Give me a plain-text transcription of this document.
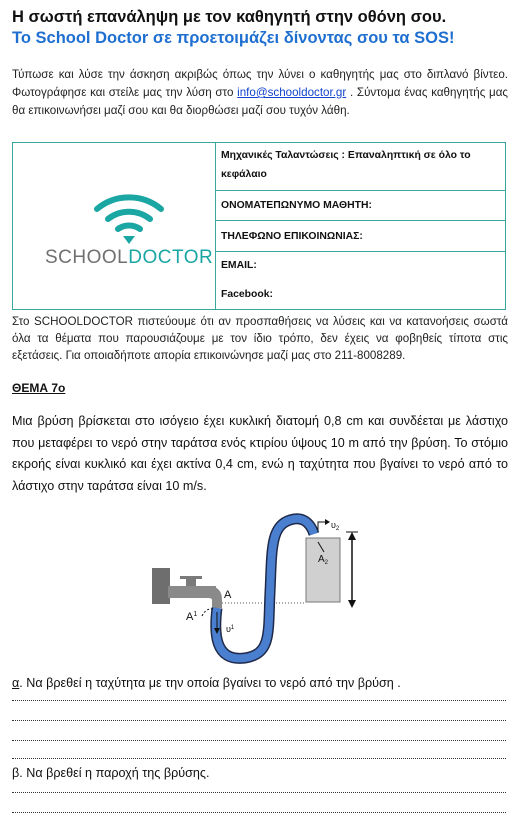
Η σωστή επανάληψη με τον καθηγητή στην οθόνη σου.
Το School Doctor σε προετοιμάζει δίνοντας σου τα SOS!
Τύπωσε και λύσε την άσκηση ακριβώς όπως την λύνει ο καθηγητής μας στο διπλανό βίντεο. Φωτογράφησε και στείλε μας την λύση στο info@schooldoctor.gr . Σύντομα ένας καθηγητής μας θα επικοινωνήσει μαζί σου και θα διορθώσει μαζί σου τυχόν λάθη.
SCHOOLDOCTOR
	Μηχανικές Ταλαντώσεις : Επαναληπτική σε όλο το κεφάλαιο
ΟΝΟΜΑΤΕΠΩΝΥΜΟ ΜΑΘΗΤΗ:
ΤΗΛΕΦΩΝΟ ΕΠΙΚΟΙΝΩΝΙΑΣ:
EMAIL:
Facebook:
Στο SCHOOLDOCTOR πιστεύουμε ότι αν προσπαθήσεις να λύσεις και να κατανοήσεις σωστά όλα τα θέματα που παρουσιάζουμε με τον ίδιο τρόπο, δεν έχεις να φοβηθείς τίποτα στις εξετάσεις. Για οποιαδήποτε απορία επικοινώνησε μαζί μας στο 211-8008289.
ΘΕΜΑ 7ο
Μια βρύση βρίσκεται στο ισόγειο έχει κυκλική διατομή 0,8 cm και συνδέεται με λάστιχο που μεταφέρει το νερό στην ταράτσα ενός κτιρίου ύψους 10 m από την βρύση. Το στόμιο εκροής είναι κυκλικό και έχει ακτίνα 0,4 cm, ενώ η ταχύτητα που βγαίνει το νερό από το λάστιχο στην ταράτσα είναι 10 m/s.
A
$A^1$
$\upsilon^1$
$\upsilon_2$
$A_2$
α. Να βρεθεί η ταχύτητα με την οποία βγαίνει το νερό από την βρύση .
β. Να βρεθεί η παροχή της βρύσης.
